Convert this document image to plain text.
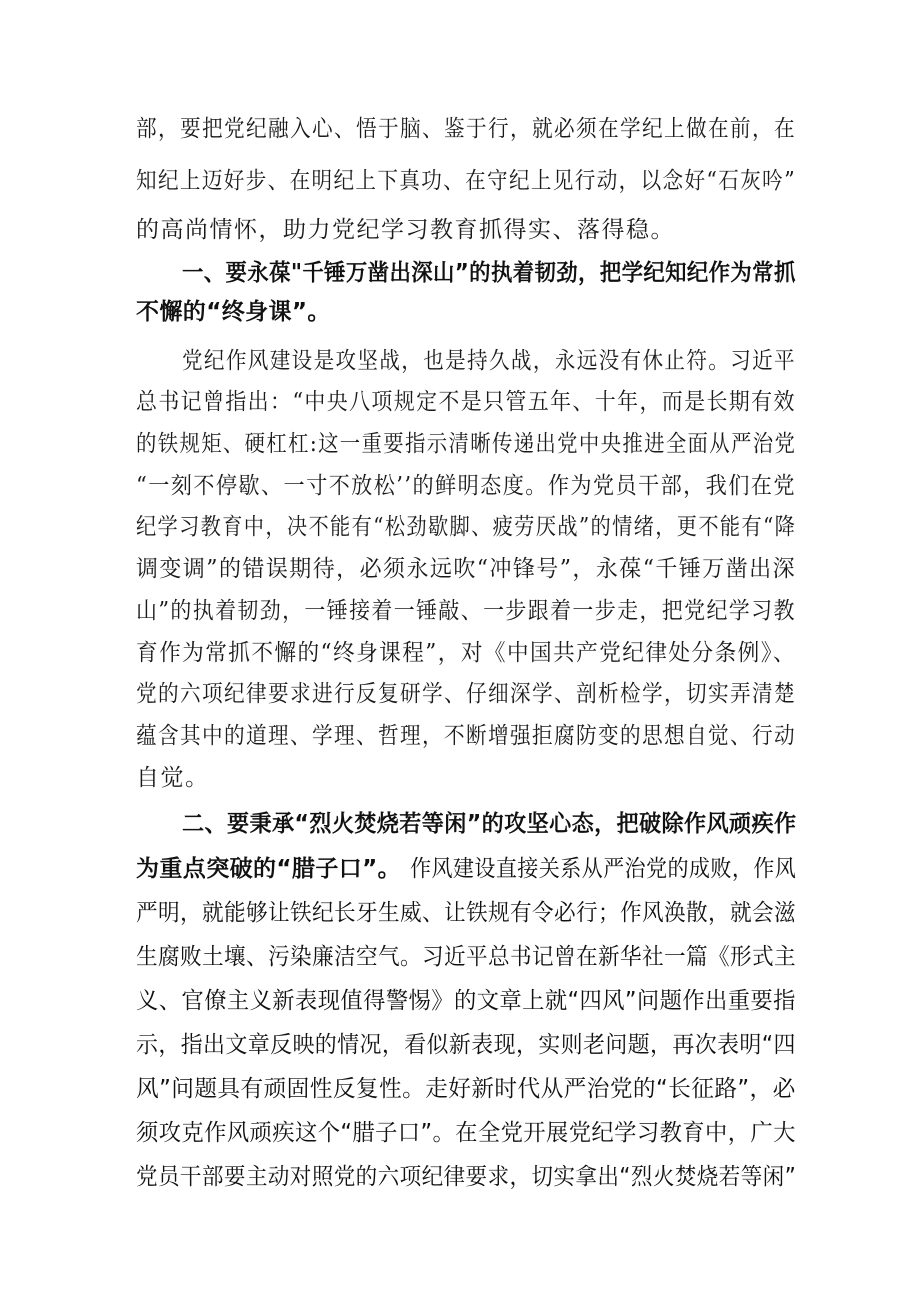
部，要把党纪融入心、悟于脑、鉴于行，就必须在学纪上做在前，在
知纪上迈好步、在明纪上下真功、在守纪上见行动，以念好“石灰吟”
的高尚情怀，助力党纪学习教育抓得实、落得稳。
一、要永葆"千锤万凿出深山”的执着韧劲，把学纪知纪作为常抓
不懈的“终身课”。
党纪作风建设是攻坚战，也是持久战，永远没有休止符。习近平
总书记曾指出：“中央八项规定不是只管五年、十年，而是长期有效
的铁规矩、硬杠杠:这一重要指示清晰传递出党中央推进全面从严治党
“一刻不停歇、一寸不放松’’的鲜明态度。作为党员干部，我们在党
纪学习教育中，决不能有“松劲歇脚、疲劳厌战”的情绪，更不能有“降
调变调”的错误期待，必须永远吹“冲锋号”，永葆“千锤万凿出深
山”的执着韧劲，一锤接着一锤敲、一步跟着一步走，把党纪学习教
育作为常抓不懈的“终身课程”，对《中国共产党纪律处分条例》、
党的六项纪律要求进行反复研学、仔细深学、剖析检学，切实弄清楚
蕴含其中的道理、学理、哲理，不断增强拒腐防变的思想自觉、行动
自觉。
二、要秉承“烈火焚烧若等闲”的攻坚心态，把破除作风顽疾作
为重点突破的“腊子口”。 作风建设直接关系从严治党的成败，作风
严明，就能够让铁纪长牙生威、让铁规有令必行；作风涣散，就会滋
生腐败土壤、污染廉洁空气。习近平总书记曾在新华社一篇《形式主
义、官僚主义新表现值得警惕》的文章上就“四风”问题作出重要指
示，指出文章反映的情况，看似新表现，实则老问题，再次表明“四
风”问题具有顽固性反复性。走好新时代从严治党的“长征路”，必
须攻克作风顽疾这个“腊子口”。在全党开展党纪学习教育中，广大
党员干部要主动对照党的六项纪律要求，切实拿出“烈火焚烧若等闲”
